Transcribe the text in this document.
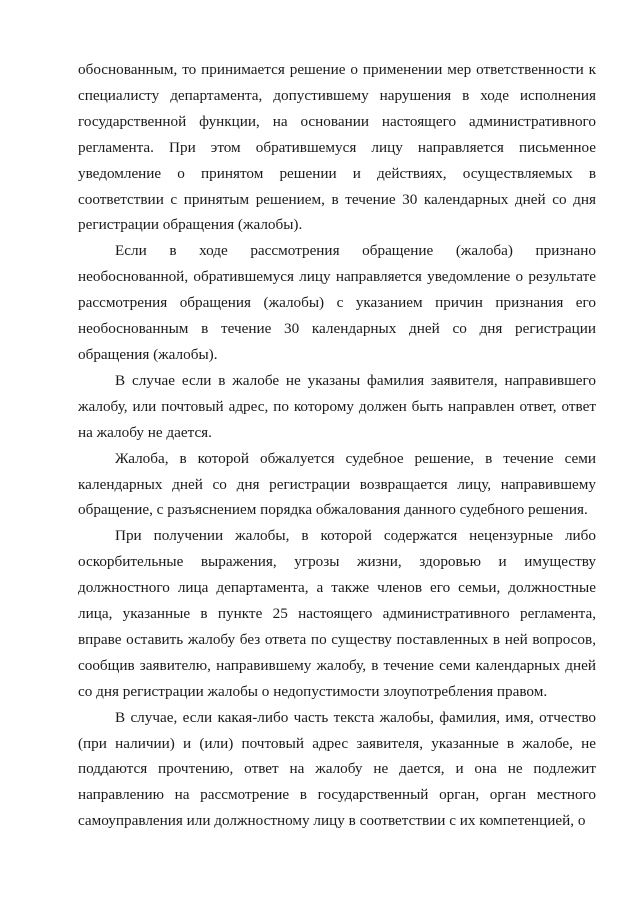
обоснованным, то принимается решение о применении мер ответственности к специалисту департамента, допустившему нарушения в ходе исполнения государственной функции, на основании настоящего административного регламента. При этом обратившемуся лицу направляется письменное уведомление о принятом решении и действиях, осуществляемых в соответствии с принятым решением, в течение 30 календарных дней со дня регистрации обращения (жалобы).

Если в ходе рассмотрения обращение (жалоба) признано необоснованной, обратившемуся лицу направляется уведомление о результате рассмотрения обращения (жалобы) с указанием причин признания его необоснованным в течение 30 календарных дней со дня регистрации обращения (жалобы).

В случае если в жалобе не указаны фамилия заявителя, направившего жалобу, или почтовый адрес, по которому должен быть направлен ответ, ответ на жалобу не дается.

Жалоба, в которой обжалуется судебное решение, в течение семи календарных дней со дня регистрации возвращается лицу, направившему обращение, с разъяснением порядка обжалования данного судебного решения.

При получении жалобы, в которой содержатся нецензурные либо оскорбительные выражения, угрозы жизни, здоровью и имуществу должностного лица департамента, а также членов его семьи, должностные лица, указанные в пункте 25 настоящего административного регламента, вправе оставить жалобу без ответа по существу поставленных в ней вопросов, сообщив заявителю, направившему жалобу, в течение семи календарных дней со дня регистрации жалобы о недопустимости злоупотребления правом.

В случае, если какая-либо часть текста жалобы, фамилия, имя, отчество (при наличии) и (или) почтовый адрес заявителя, указанные в жалобе, не поддаются прочтению, ответ на жалобу не дается, и она не подлежит направлению на рассмотрение в государственный орган, орган местного самоуправления или должностному лицу в соответствии с их компетенцией, о
